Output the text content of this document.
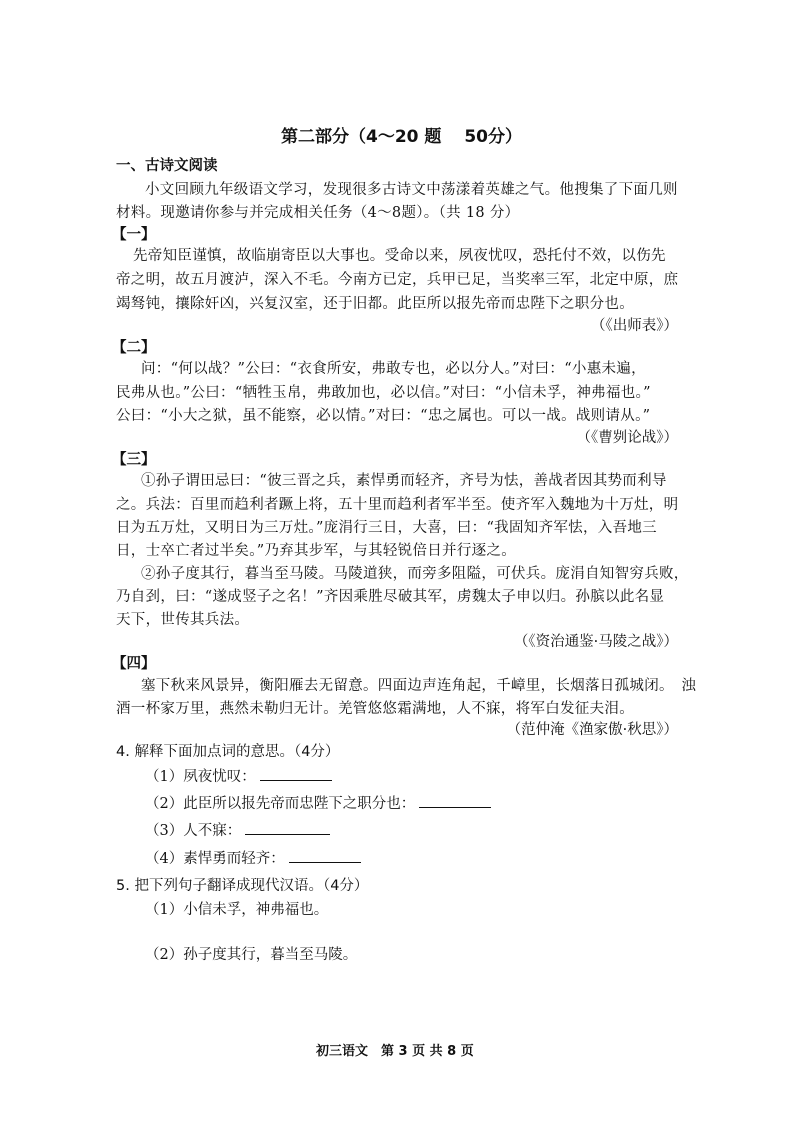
第二部分（4～20 题　 50分）
一、古诗文阅读
小文回顾九年级语文学习，发现很多古诗文中荡漾着英雄之气。他搜集了下面几则
材料。现邀请你参与并完成相关任务（4～8题）。（共 18 分）
【一】
先帝知臣谨慎，故临崩寄臣以大事也。受命以来，夙夜忧叹，恐托付不效，以伤先
帝之明，故五月渡泸，深入不毛。今南方已定，兵甲已足，当奖率三军，北定中原，庶
竭驽钝，攘除奸凶，兴复汉室，还于旧都。此臣所以报先帝而忠陛下之职分也。
（《出师表》）
【二】
问：“何以战？”公曰：“衣食所安，弗敢专也，必以分人。”对曰：“小惠未遍，
民弗从也。”公曰：“牺牲玉帛，弗敢加也，必以信。”对曰：“小信未孚，神弗福也。”
公曰：“小大之狱，虽不能察，必以情。”对曰：“忠之属也。可以一战。战则请从。”
（《曹刿论战》）
【三】
①孙子谓田忌曰：“彼三晋之兵，素悍勇而轻齐，齐号为怯，善战者因其势而利导
之。兵法：百里而趋利者蹶上将，五十里而趋利者军半至。使齐军入魏地为十万灶，明
日为五万灶，又明日为三万灶。”庞涓行三日，大喜，曰：“我固知齐军怯，入吾地三
日，士卒亡者过半矣。”乃弃其步军，与其轻锐倍日并行逐之。
②孙子度其行，暮当至马陵。马陵道狭，而旁多阻隘，可伏兵。庞涓自知智穷兵败，
乃自刭，曰：“遂成竖子之名！”齐因乘胜尽破其军，虏魏太子申以归。孙膑以此名显
天下，世传其兵法。
（《资治通鉴·马陵之战》）
【四】
塞下秋来风景异，衡阳雁去无留意。四面边声连角起，千嶂里，长烟落日孤城闭。　浊
酒一杯家万里，燕然未勒归无计。羌管悠悠霜满地，人不寐，将军白发征夫泪。
（范仲淹《渔家傲·秋思》）
4. 解释下面加点词的意思。（4分）
（1）夙夜忧叹：
（2）此臣所以报先帝而忠陛下之职分也：
（3）人不寐：
（4）素悍勇而轻齐：
5. 把下列句子翻译成现代汉语。（4分）
（1）小信未孚，神弗福也。
（2）孙子度其行，暮当至马陵。
初三语文　第 3 页 共 8 页
